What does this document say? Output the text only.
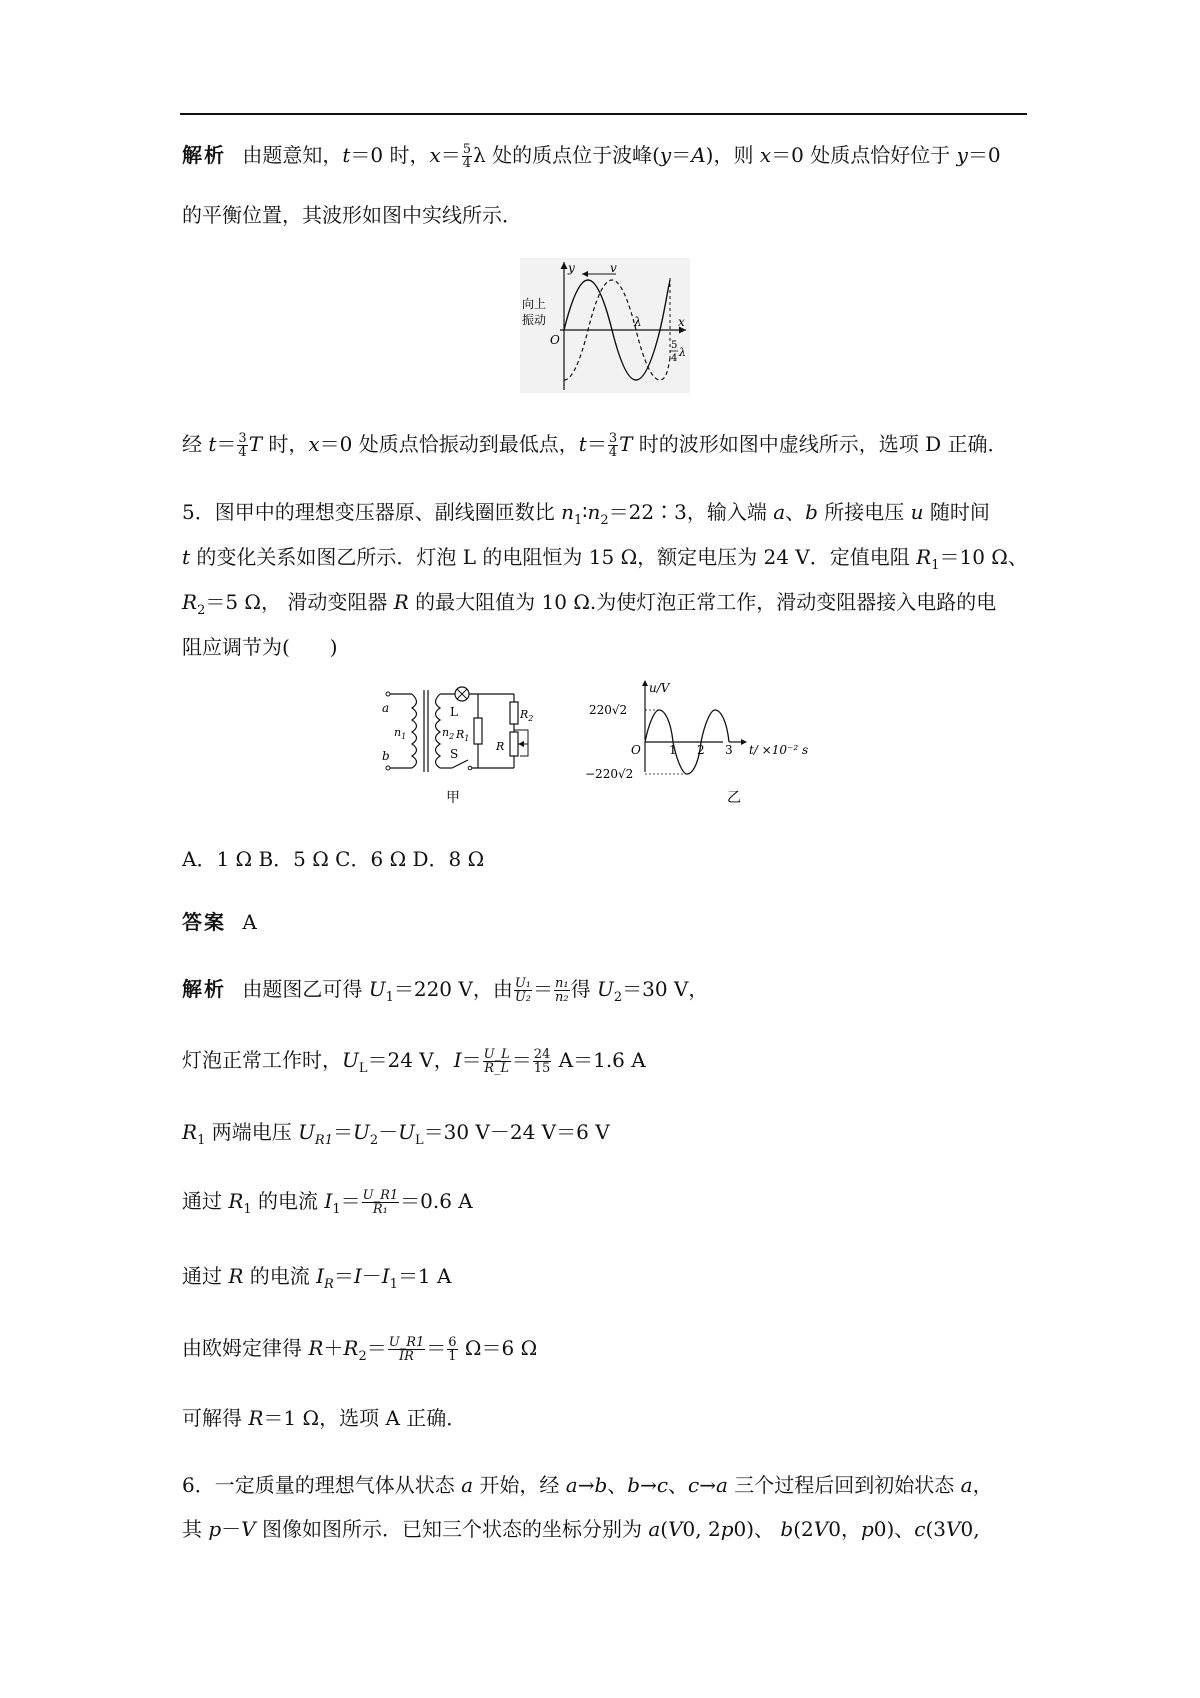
解析 由题意知，t＝0 时，$x= \frac{5}{4}$ λ 处的质点位于波峰(y＝A)，则 x＝0 处质点恰好位于 y＝0
的平衡位置，其波形如图中实线所示．
y
x
O
向上
振动
v
λ
5
4 λ
经 $t= \frac{3}{4}$ T 时，x＝0 处质点恰振动到最低点，$t= \frac{3}{4}$ T 时的波形如图中虚线所示，选项 D 正确．
5．图甲中的理想变压器原、副线圈匝数比 $n_1∶n_2=22∶3$，输入端 a、b 所接电压 u 随时间
t 的变化关系如图乙所示．灯泡 L 的电阻恒为 15 Ω，额定电压为 24 V．定值电阻 $R_1=10$ Ω、
$R_2=5$ Ω， 滑动变阻器 R 的最大阻值为 10 Ω.为使灯泡正常工作，滑动变阻器接入电路的电
阻应调节为(　　)
a
b
$n_1$	$n_2$
L
S
$R_1$
$R_2$
R
甲
u/V
220√2
−220√2
O 1 2 3 t/ ×10⁻² s
乙
A．1 Ω B．5 Ω C．6 Ω D．8 Ω
答案 A
解析 由题图乙可得 $U_1=220$ V，由 $\frac{\text{U₁}}{\text{U₂}} = \frac{\text{n₁}}{\text{n₂}}$ 得 $U_2=30$ V，
灯泡正常工作时，$U_L=24$ V，$I= \frac{U\_L}{R\_L} = \frac{24}{15} A=1.6$ A
$R_1$ 两端电压 $U_{R1}=U_2-U_L=30$ V－24 V＝6 V
通过 $R_1$ 的电流 $I_1= \frac{U\_R1}{\text{R₁}} =0.6$ A
通过 R 的电流 $I_R=I-I_1=1$ A
由欧姆定律得 $R+R_2= \frac{U\_R1}{IR} = \frac{6}{1} \Omega=6$ Ω
可解得 R＝1 Ω，选项 A 正确．
6．一定质量的理想气体从状态 a 开始，经 a→b、b→c、c→a 三个过程后回到初始状态 a，
其 p－V 图像如图所示．已知三个状态的坐标分别为 a(V0, 2p0)、 b(2V0，p0)、c(3V0,
